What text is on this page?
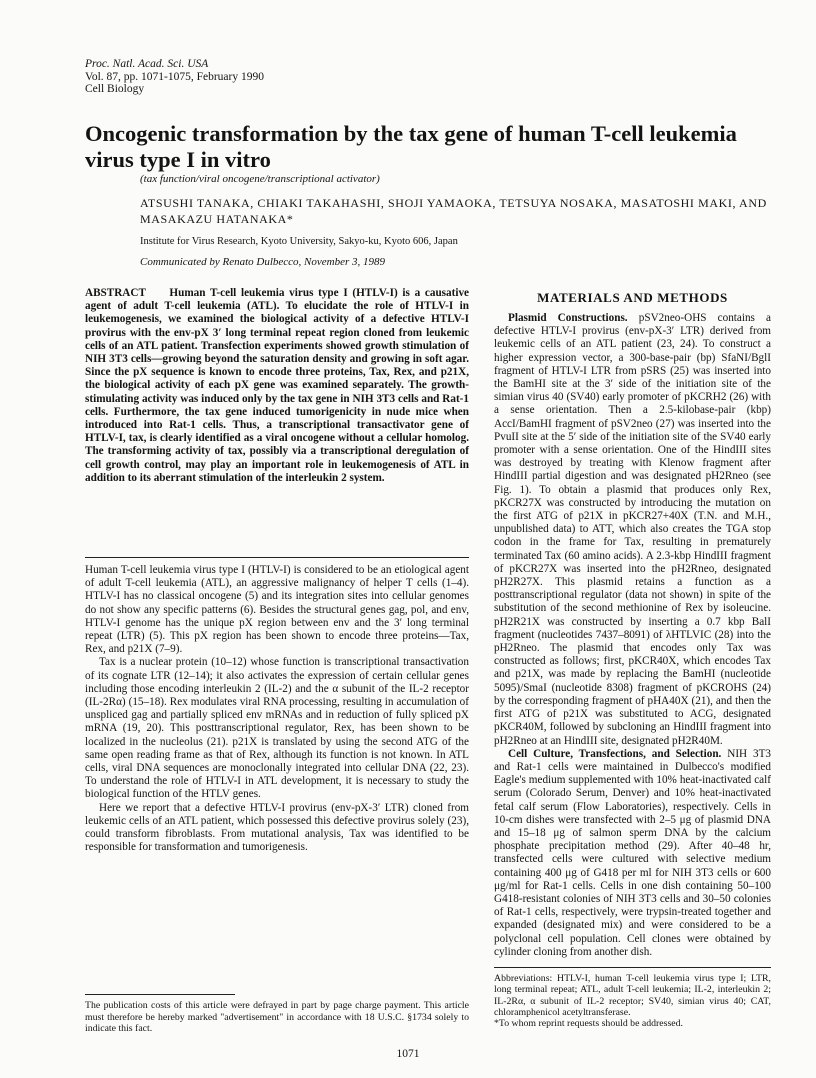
Proc. Natl. Acad. Sci. USA
Vol. 87, pp. 1071-1075, February 1990
Cell Biology
Oncogenic transformation by the tax gene of human T-cell leukemia virus type I in vitro
(tax function/viral oncogene/transcriptional activator)
ATSUSHI TANAKA, CHIAKI TAKAHASHI, SHOJI YAMAOKA, TETSUYA NOSAKA, MASATOSHI MAKI, AND MASAKAZU HATANAKA*
Institute for Virus Research, Kyoto University, Sakyo-ku, Kyoto 606, Japan
Communicated by Renato Dulbecco, November 3, 1989

ABSTRACT Human T-cell leukemia virus type I (HTLV-I) is a causative agent of adult T-cell leukemia (ATL). To elucidate the role of HTLV-I in leukemogenesis, we examined the biological activity of a defective HTLV-I provirus with the env-pX 3′ long terminal repeat region cloned from leukemic cells of an ATL patient. Transfection experiments showed growth stimulation of NIH 3T3 cells—growing beyond the saturation density and growing in soft agar. Since the pX sequence is known to encode three proteins, Tax, Rex, and p21X, the biological activity of each pX gene was examined separately. The growth-stimulating activity was induced only by the tax gene in NIH 3T3 cells and Rat-1 cells. Furthermore, the tax gene induced tumorigenicity in nude mice when introduced into Rat-1 cells. Thus, a transcriptional transactivator gene of HTLV-I, tax, is clearly identified as a viral oncogene without a cellular homolog. The transforming activity of tax, possibly via a transcriptional deregulation of cell growth control, may play an important role in leukemogenesis of ATL in addition to its aberrant stimulation of the interleukin 2 system.

Human T-cell leukemia virus type I (HTLV-I) is considered to be an etiological agent of adult T-cell leukemia (ATL), an aggressive malignancy of helper T cells (1–4). HTLV-I has no classical oncogene (5) and its integration sites into cellular genomes do not show any specific patterns (6). Besides the structural genes gag, pol, and env, HTLV-I genome has the unique pX region between env and the 3′ long terminal repeat (LTR) (5). This pX region has been shown to encode three proteins—Tax, Rex, and p21X (7–9).

Tax is a nuclear protein (10–12) whose function is transcriptional transactivation of its cognate LTR (12–14); it also activates the expression of certain cellular genes including those encoding interleukin 2 (IL-2) and the α subunit of the IL-2 receptor (IL-2Rα) (15–18). Rex modulates viral RNA processing, resulting in accumulation of unspliced gag and partially spliced env mRNAs and in reduction of fully spliced pX mRNA (19, 20). This posttranscriptional regulator, Rex, has been shown to be localized in the nucleolus (21). p21X is translated by using the second ATG of the same open reading frame as that of Rex, although its function is not known. In ATL cells, viral DNA sequences are monoclonally integrated into cellular DNA (22, 23). To understand the role of HTLV-I in ATL development, it is necessary to study the biological function of the HTLV genes.

Here we report that a defective HTLV-I provirus (env-pX-3′ LTR) cloned from leukemic cells of an ATL patient, which possessed this defective provirus solely (23), could transform fibroblasts. From mutational analysis, Tax was identified to be responsible for transformation and tumorigenesis.

The publication costs of this article were defrayed in part by page charge payment. This article must therefore be hereby marked "advertisement" in accordance with 18 U.S.C. §1734 solely to indicate this fact.
MATERIALS AND METHODS

Plasmid Constructions. pSV2neo-OHS contains a defective HTLV-I provirus (env-pX-3′ LTR) derived from leukemic cells of an ATL patient (23, 24). To construct a higher expression vector, a 300-base-pair (bp) SfaNI/BglI fragment of HTLV-I LTR from pSRS (25) was inserted into the BamHI site at the 3′ side of the initiation site of the simian virus 40 (SV40) early promoter of pKCRH2 (26) with a sense orientation. Then a 2.5-kilobase-pair (kbp) AccI/BamHI fragment of pSV2neo (27) was inserted into the PvuII site at the 5′ side of the initiation site of the SV40 early promoter with a sense orientation. One of the HindIII sites was destroyed by treating with Klenow fragment after HindIII partial digestion and was designated pH2Rneo (see Fig. 1). To obtain a plasmid that produces only Rex, pKCR27X was constructed by introducing the mutation on the first ATG of p21X in pKCR27+40X (T.N. and M.H., unpublished data) to ATT, which also creates the TGA stop codon in the frame for Tax, resulting in prematurely terminated Tax (60 amino acids). A 2.3-kbp HindIII fragment of pKCR27X was inserted into the pH2Rneo, designated pH2R27X. This plasmid retains a function as a posttranscriptional regulator (data not shown) in spite of the substitution of the second methionine of Rex by isoleucine. pH2R21X was constructed by inserting a 0.7 kbp BalI fragment (nucleotides 7437–8091) of λHTLVIC (28) into the pH2Rneo. The plasmid that encodes only Tax was constructed as follows; first, pKCR40X, which encodes Tax and p21X, was made by replacing the BamHI (nucleotide 5095)/SmaI (nucleotide 8308) fragment of pKCROHS (24) by the corresponding fragment of pHA40X (21), and then the first ATG of p21X was substituted to ACG, designated pKCR40M, followed by subcloning an HindIII fragment into pH2Rneo at an HindIII site, designated pH2R40M.

Cell Culture, Transfections, and Selection. NIH 3T3 and Rat-1 cells were maintained in Dulbecco's modified Eagle's medium supplemented with 10% heat-inactivated calf serum (Colorado Serum, Denver) and 10% heat-inactivated fetal calf serum (Flow Laboratories), respectively. Cells in 10-cm dishes were transfected with 2–5 μg of plasmid DNA and 15–18 μg of salmon sperm DNA by the calcium phosphate precipitation method (29). After 40–48 hr, transfected cells were cultured with selective medium containing 400 μg of G418 per ml for NIH 3T3 cells or 600 μg/ml for Rat-1 cells. Cells in one dish containing 50–100 G418-resistant colonies of NIH 3T3 cells and 30–50 colonies of Rat-1 cells, respectively, were trypsin-treated together and expanded (designated mix) and were considered to be a polyclonal cell population. Cell clones were obtained by cylinder cloning from another dish.

Abbreviations: HTLV-I, human T-cell leukemia virus type I; LTR, long terminal repeat; ATL, adult T-cell leukemia; IL-2, interleukin 2; IL-2Rα, α subunit of IL-2 receptor; SV40, simian virus 40; CAT, chloramphenicol acetyltransferase.
*To whom reprint requests should be addressed.
1071
